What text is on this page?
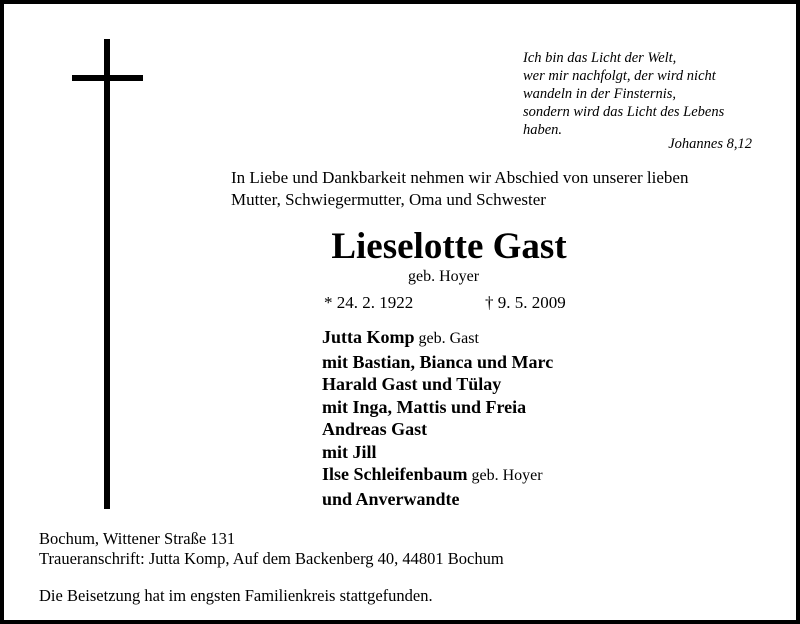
Ich bin das Licht der Welt,
wer mir nachfolgt, der wird nicht
wandeln in der Finsternis,
sondern wird das Licht des Lebens
haben.
Johannes 8,12
In Liebe und Dankbarkeit nehmen wir Abschied von unserer lieben
Mutter, Schwiegermutter, Oma und Schwester
Lieselotte Gast
geb. Hoyer
* 24. 2. 1922	† 9. 5. 2009
Jutta Komp geb. Gast
mit Bastian, Bianca und Marc
Harald Gast und Tülay
mit Inga, Mattis und Freia
Andreas Gast
mit Jill
Ilse Schleifenbaum geb. Hoyer
und Anverwandte
Bochum, Wittener Straße 131
Traueranschrift: Jutta Komp, Auf dem Backenberg 40, 44801 Bochum
Die Beisetzung hat im engsten Familienkreis stattgefunden.
